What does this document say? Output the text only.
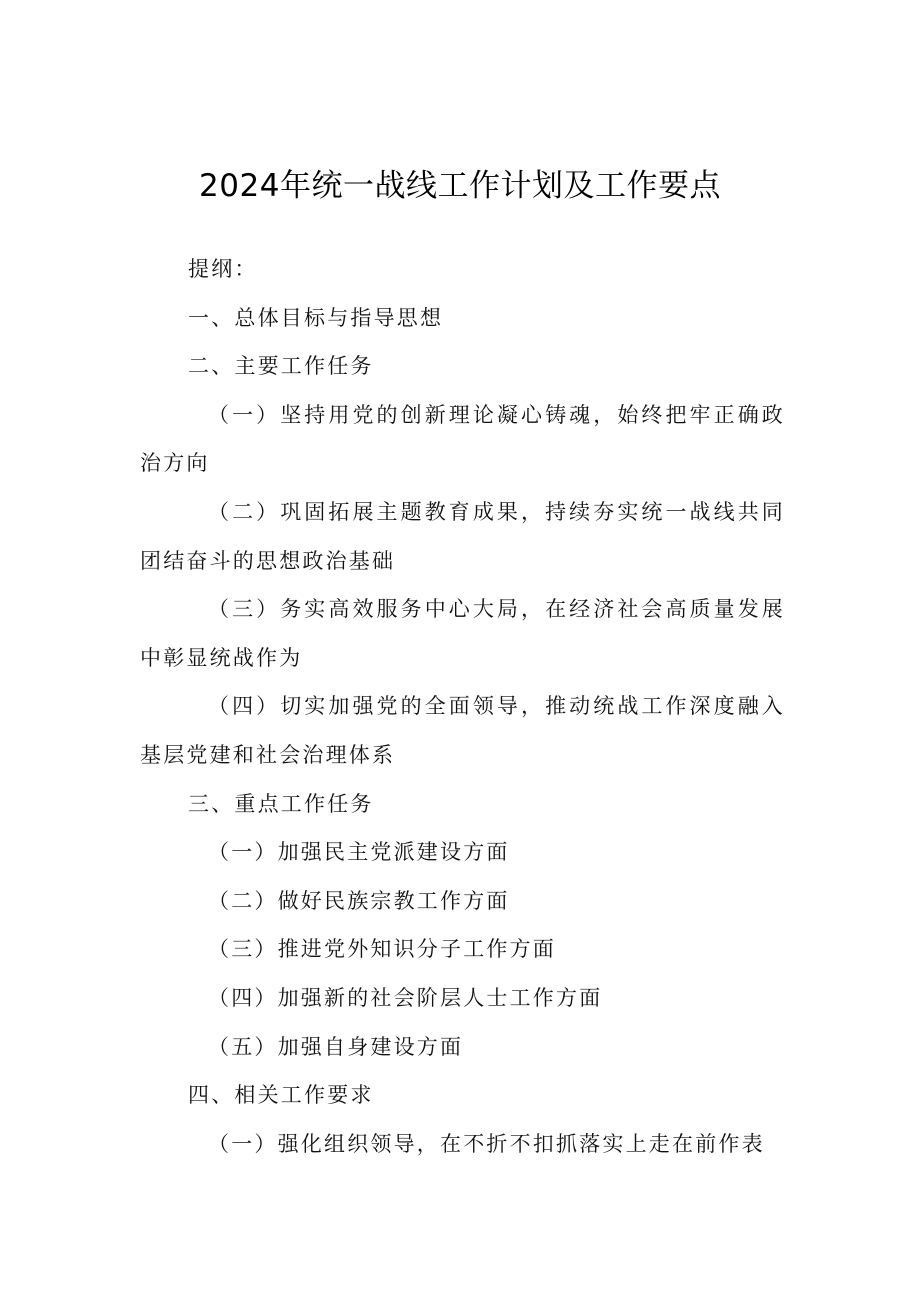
2024年统一战线工作计划及工作要点

提纲：

一、总体目标与指导思想

二、主要工作任务

（一）坚持用党的创新理论凝心铸魂，始终把牢正确政治方向

（二）巩固拓展主题教育成果，持续夯实统一战线共同团结奋斗的思想政治基础

（三）务实高效服务中心大局，在经济社会高质量发展中彰显统战作为

（四）切实加强党的全面领导，推动统战工作深度融入基层党建和社会治理体系

三、重点工作任务

（一）加强民主党派建设方面

（二）做好民族宗教工作方面

（三）推进党外知识分子工作方面

（四）加强新的社会阶层人士工作方面

（五）加强自身建设方面

四、相关工作要求

（一）强化组织领导，在不折不扣抓落实上走在前作表
